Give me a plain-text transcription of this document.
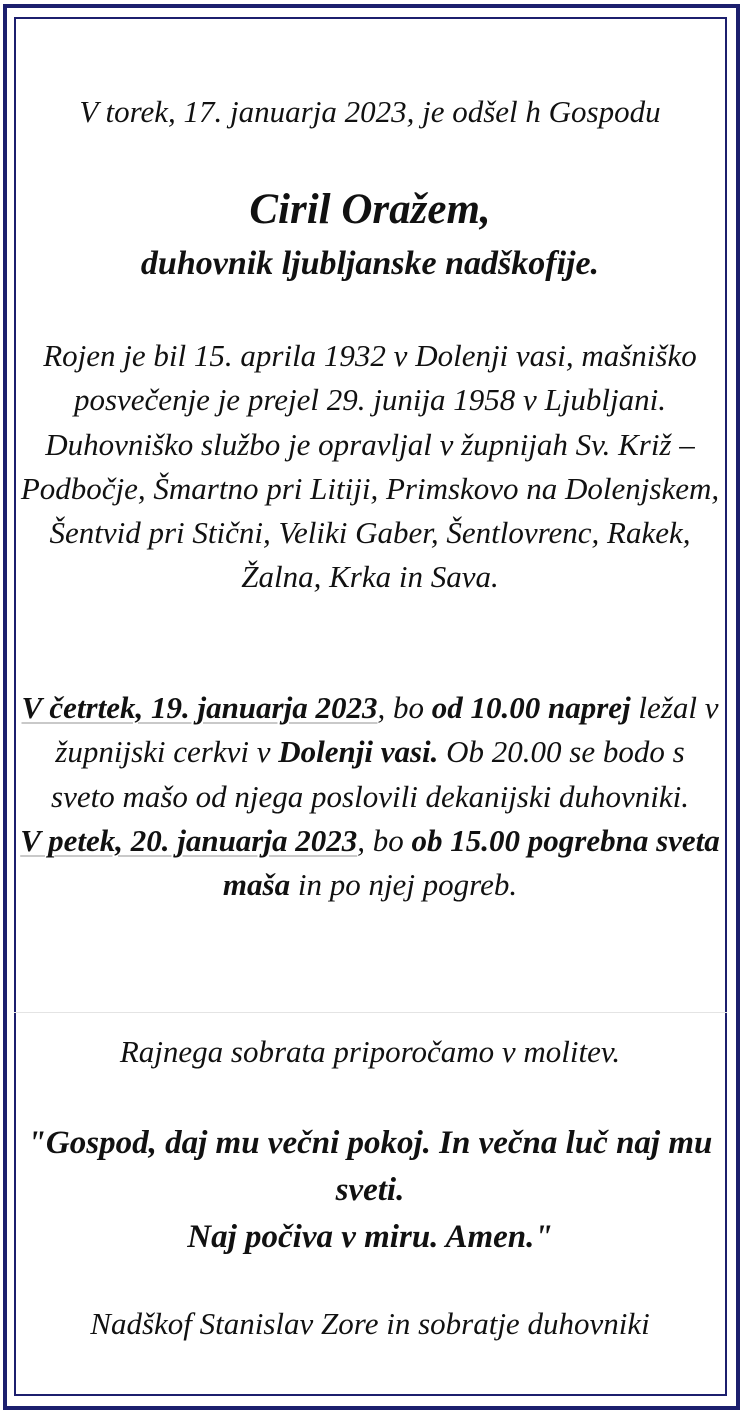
V torek, 17. januarja 2023, je odšel h Gospodu
Ciril Oražem,
duhovnik ljubljanske nadškofije.

Rojen je bil 15. aprila 1932 v Dolenji vasi, mašniško posvečenje je prejel 29. junija 1958 v Ljubljani.

Duhovniško službo je opravljal v župnijah Sv. Križ – Podbočje, Šmartno pri Litiji, Primskovo na Dolenjskem, Šentvid pri Stični, Veliki Gaber, Šentlovrenc, Rakek, Žalna, Krka in Sava.

V četrtek, 19. januarja 2023, bo od 10.00 naprej ležal v župnijski cerkvi v Dolenji vasi. Ob 20.00 se bodo s sveto mašo od njega poslovili dekanijski duhovniki.

V petek, 20. januarja 2023, bo ob 15.00 pogrebna sveta maša in po njej pogreb.

Rajnega sobrata priporočamo v molitev.

"Gospod, daj mu večni pokoj. In večna luč naj mu sveti.

Naj počiva v miru. Amen."

Nadškof Stanislav Zore in sobratje duhovniki
